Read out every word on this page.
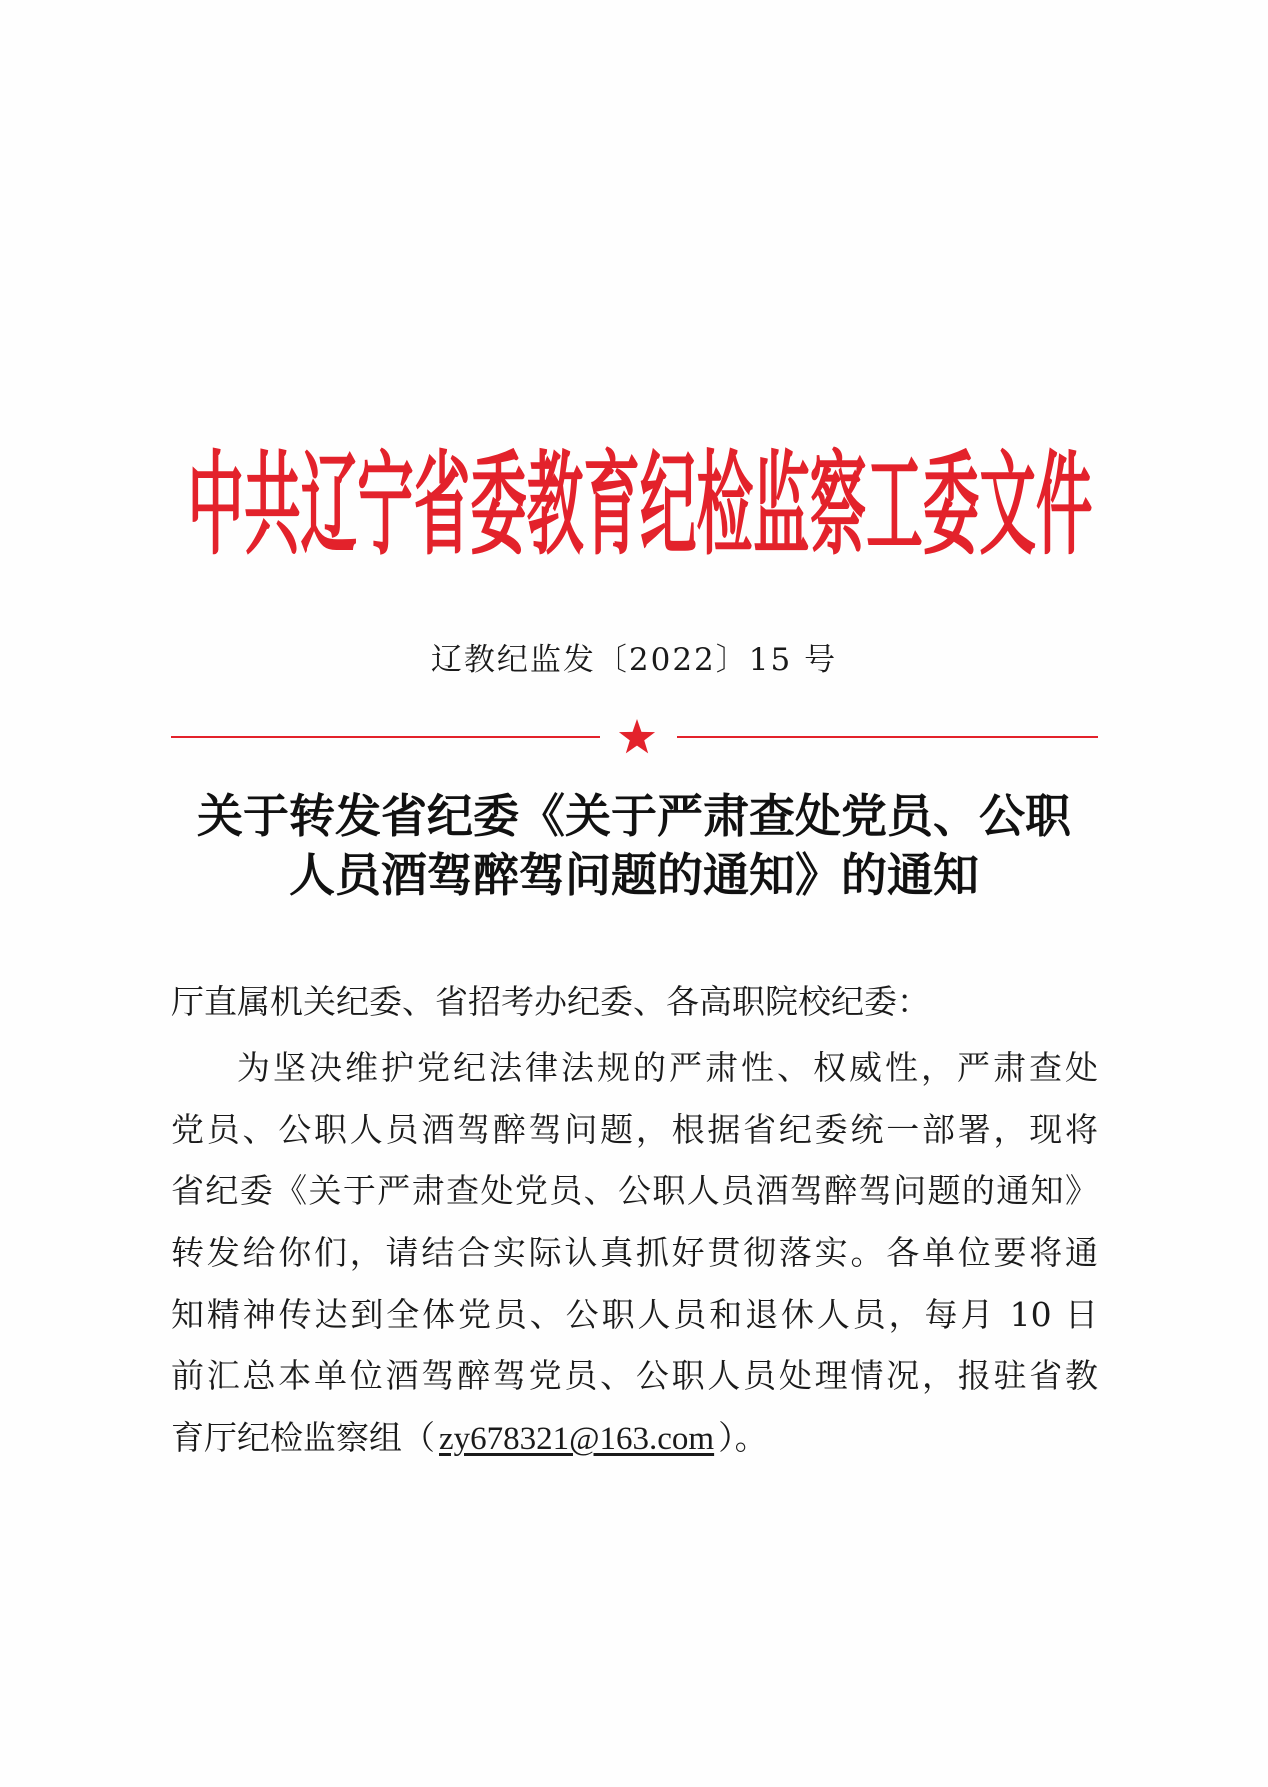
中共辽宁省委教育纪检监察工委文件
辽教纪监发〔2022〕15 号
关于转发省纪委《关于严肃查处党员、公职
人员酒驾醉驾问题的通知》的通知
厅直属机关纪委、省招考办纪委、各高职院校纪委：
为坚决维护党纪法律法规的严肃性、权威性，严肃查处
党员、公职人员酒驾醉驾问题，根据省纪委统一部署，现将
省纪委《关于严肃查处党员、公职人员酒驾醉驾问题的通知》
转发给你们，请结合实际认真抓好贯彻落实。各单位要将通
知精神传达到全体党员、公职人员和退休人员，每月 10 日
前汇总本单位酒驾醉驾党员、公职人员处理情况，报驻省教
育厅纪检监察组（ zy678321@163.com ）。
